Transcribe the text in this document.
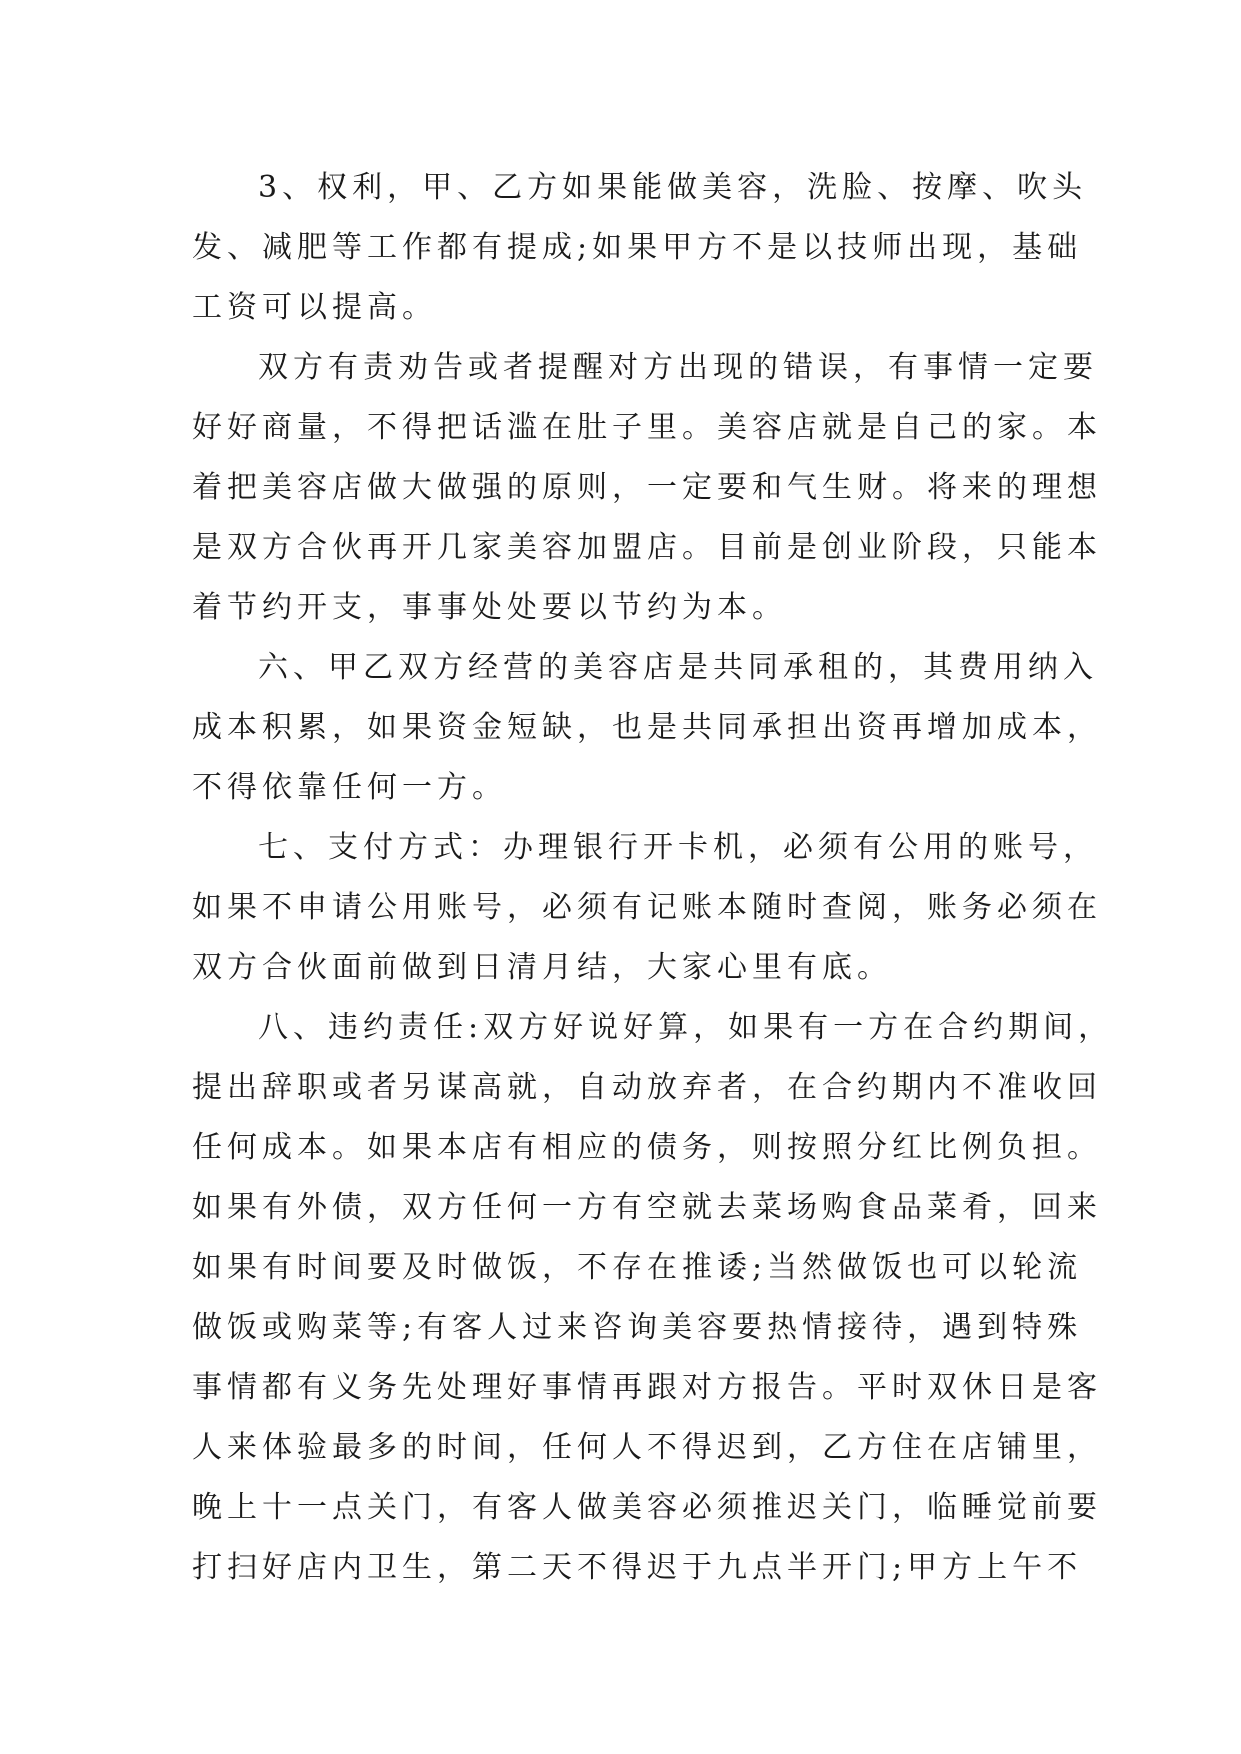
3、权利，甲、乙方如果能做美容，洗脸、按摩、吹头
发、减肥等工作都有提成;如果甲方不是以技师出现，基础
工资可以提高。
双方有责劝告或者提醒对方出现的错误，有事情一定要
好好商量，不得把话滥在肚子里。美容店就是自己的家。本
着把美容店做大做强的原则，一定要和气生财。将来的理想
是双方合伙再开几家美容加盟店。目前是创业阶段，只能本
着节约开支，事事处处要以节约为本。
六、甲乙双方经营的美容店是共同承租的，其费用纳入
成本积累，如果资金短缺，也是共同承担出资再增加成本，
不得依靠任何一方。
七、支付方式：办理银行开卡机，必须有公用的账号，
如果不申请公用账号，必须有记账本随时查阅，账务必须在
双方合伙面前做到日清月结，大家心里有底。
八、违约责任:双方好说好算，如果有一方在合约期间，
提出辞职或者另谋高就，自动放弃者，在合约期内不准收回
任何成本。如果本店有相应的债务，则按照分红比例负担。
如果有外债，双方任何一方有空就去菜场购食品菜肴，回来
如果有时间要及时做饭，不存在推诿;当然做饭也可以轮流
做饭或购菜等;有客人过来咨询美容要热情接待，遇到特殊
事情都有义务先处理好事情再跟对方报告。平时双休日是客
人来体验最多的时间，任何人不得迟到，乙方住在店铺里，
晚上十一点关门，有客人做美容必须推迟关门，临睡觉前要
打扫好店内卫生，第二天不得迟于九点半开门;甲方上午不
